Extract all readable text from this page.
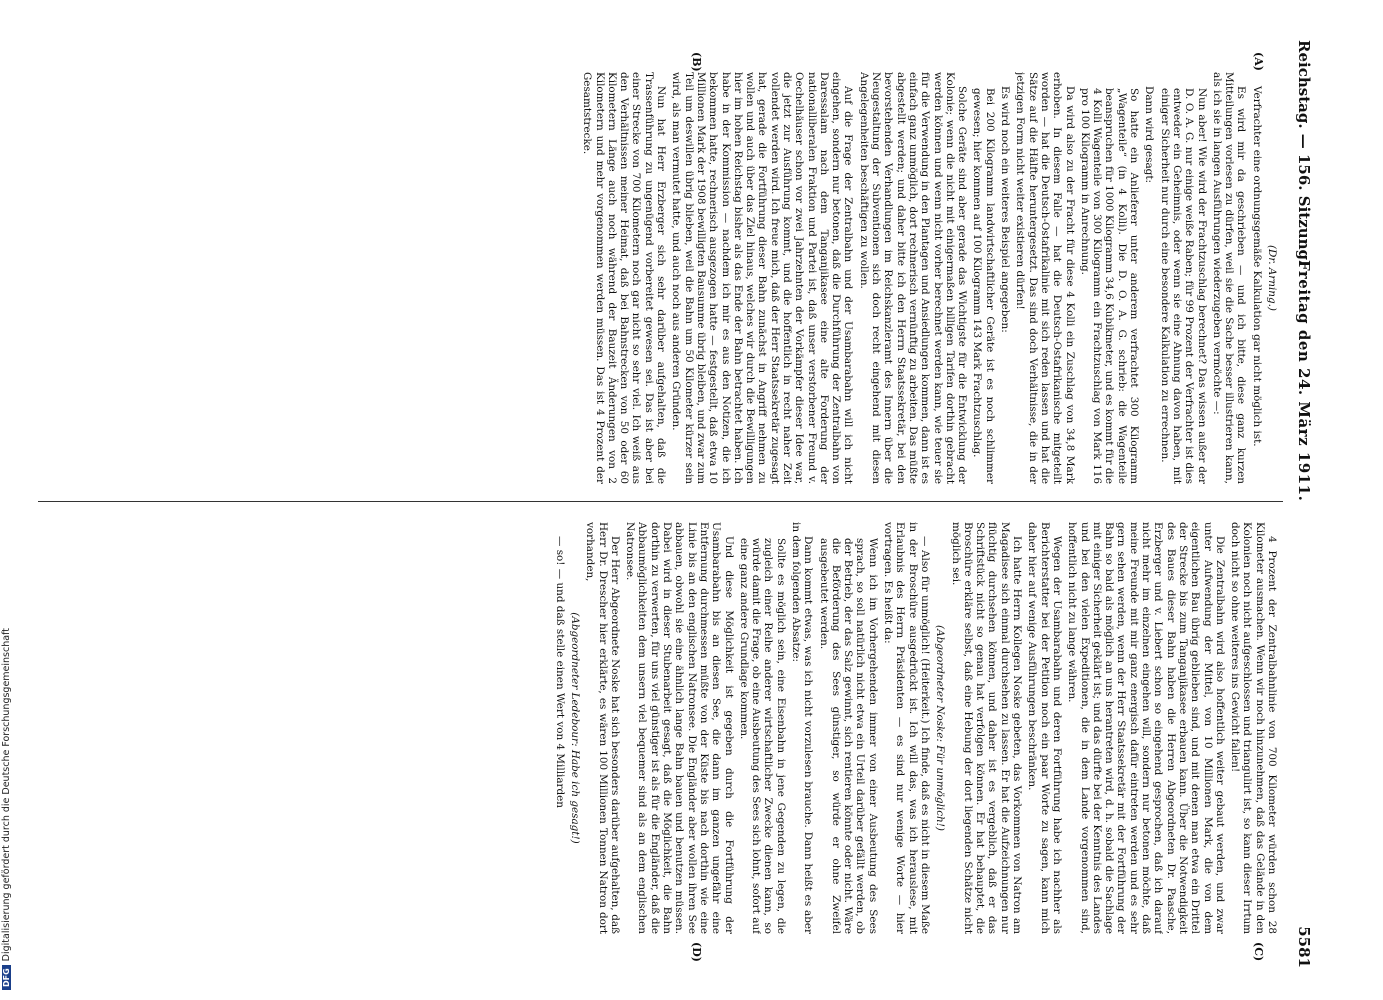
Reichstag. — 156. Sitzung.
Freitag den 24. März 1911.
5581
(A)
(B)
(C)
(D)

(Dr. Arning.)

Verfrachter eine ordnungsgemäße Kalkulation gar nicht möglich ist.

Es wird mir da geschrieben — und ich bitte, diese ganz kurzen Mitteilungen vorlesen zu dürfen, weil sie die Sache besser illustrieren kann, als ich sie in langen Ausführungen wiederzugeben vermöchte —:

Nun aber! Wie wird der Frachtzuschlag berechnet? Das wissen außer der D. O. A. G. nur einige weiße Raben; für 99 Prozent der Verfrachter ist dies entweder ein Geheimnis, oder wenn sie eine Ahnung davon haben, mit einiger Sicherheit nur durch eine besondere Kalkulation zu errechnen.

Dann wird gesagt:

So hatte ein Anlieferer unter anderem verfrachtet 300 Kilogramm „Wagenteile“ (in 4 Kolli). Die D. O. A. G. schrieb: die Wagenteile beanspruchen für 1000 Kilogramm 34,6 Kubikmeter, und es kommt für die 4 Kolli Wagenteile von 300 Kilogramm ein Frachtzuschlag von Mark 116 pro 100 Kilogramm in Anrechnung.

Da wird also zu der Fracht für diese 4 Kolli ein Zuschlag von 34,8 Mark erhoben. In diesem Falle — hat die Deutsch-Ostafrikanische mitgeteilt worden — hat die Deutsch-Ostafrikalinie mit sich reden lassen und hat die Sätze auf die Hälfte heruntergesetzt. Das sind doch Verhältnisse, die in der jetzigen Form nicht weiter existieren dürfen!

Es wird noch ein weiteres Beispiel angegeben:

Bei 200 Kilogramm landwirtschaftlicher Geräte ist es noch schlimmer gewesen; hier kommen auf 100 Kilogramm 143 Mark Frachtzuschlag.

Solche Geräte sind aber gerade das Wichtigste für die Entwicklung der Kolonie; wenn die nicht mit einigermaßen billigen Tarifen dorthin gebracht werden können und wenn nicht vorher berechnet werden kann, wie teuer sie für die Verwendung in den Plantagen und Ansiedlungen kommen, dann ist es einfach ganz unmöglich, dort rechnerisch vernünftig zu arbeiten. Das müßte abgestellt werden; und daher bitte ich den Herrn Staatssekretär, bei den bevorstehenden Verhandlungen im Reichskanzleramt des Innern über die Neugestaltung der Subventionen sich doch recht eingehend mit diesen Angelegenheiten beschäftigen zu wollen.

Auf die Frage der Zentralbahn und der Usambarabahn will ich nicht eingehen, sondern nur betonen, daß die Durchführung der Zentralbahn von Daressalam nach dem Tanganjikasee eine alte Forderung der nationalliberalen Fraktion und Partei ist, daß unser verstorbener Freund v. Oechelhäuser schon vor zwei Jahrzehnten der Vorkämpfer dieser Idee war, die jetzt zur Ausführung kommt, und die hoffentlich in recht naher Zeit vollendet werden wird. Ich freue mich, daß der Herr Staatssekretär zugesagt hat, gerade die Fortführung dieser Bahn zunächst in Angriff nehmen zu wollen und auch über das Ziel hinaus, welches wir durch die Bewilligungen hier im hohen Reichstag bisher als das Ende der Bahn betrachtet haben. Ich habe in der Kommission — nachdem ich mir es aus den Notizen, die ich bekommen hatte, rechnerisch ausgezogen hatte — festgestellt, daß etwa 10 Millionen Mark der 1908 bewilligten Bausumme übrig bleiben, und zwar zum Teil um deswillen übrig blieben, weil die Bahn um 50 Kilometer kürzer sein wird, als man vermutet hatte, und auch noch aus anderen Gründen.

Nun hat Herr Erzberger sich sehr darüber aufgehalten, daß die Trassenführung zu ungenügend vorbereitet gewesen sei. Das ist aber bei einer Strecke von 700 Kilometern noch gar nicht so sehr viel. Ich weiß aus den Verhältnissen meiner Heimat, daß bei Bahnstrecken von 50 oder 60 Kilometern Länge auch noch während der Bauzeit Änderungen von 2 Kilometern und mehr vorgenommen werden müssen. Das ist 4 Prozent der Gesamtstrecke.

4 Prozent der Zentralbahnlinie von 700 Kilometer würden schon 28 Kilometer ausmachen. Wenn wir noch hinzunehmen, daß das Gelände in den Kolonien noch nicht aufgeschlossen und triangulirt ist, so kann dieser Irrtum doch nicht so ohne weiteres ins Gewicht fallen!

Die Zentralbahn wird also hoffentlich weiter gebaut werden, und zwar unter Aufwendung der Mittel, von 10 Millionen Mark, die von dem eigentlichen Bau übrig geblieben sind, und mit denen man etwa ein Drittel der Strecke bis zum Tanganjikasee erbauen kann. Über die Notwendigkeit des Baues dieser Bahn haben die Herren Abgeordneten Dr. Paasche, Erzberger und v. Liebert schon so eingehend gesprochen, daß ich darauf nicht mehr im einzelnen eingehen will, sondern nur betonen möchte, daß meine Freunde mit mir ganz energisch dafür eintreten werden und es sehr gern sehen werden, wenn der Herr Staatssekretär mit der Fortführung der Bahn so bald als möglich an uns herantreten wird, d. h. sobald die Sachlage mit einiger Sicherheit geklärt ist; und das dürfte bei der Kenntnis des Landes und bei den vielen Expeditionen, die in dem Lande vorgenommen sind, hoffentlich nicht zu lange währen.

Wegen der Usambarabahn und deren Fortführung habe ich nachher als Berichterstatter bei der Petition noch ein paar Worte zu sagen, kann mich daher hier auf wenige Ausführungen beschränken.

Ich hatte Herrn Kollegen Noske gebeten, das Vorkommen von Natron am Magadisee sich einmal durchsehen zu lassen. Er hat die Aufzeichnungen nur flüchtig durchsehen können, und daher ist es vergeblich, daß er das Schriftstück nicht so genau hat verfolgen können. Er hat behauptet, die Broschüre erkläre selbst, daß eine Hebung der dort liegenden Schätze nicht möglich sei.

(Abgeordneter Noske: Für unmöglich!)

— Also für unmöglich! (Heiterkeit.) Ich finde, daß es nicht in diesem Maße in der Broschüre ausgedrückt ist. Ich will das, was ich herauslese, mit Erlaubnis des Herrn Präsidenten — es sind nur wenige Worte — hier vortragen. Es heißt da:

Wenn ich im Vorhergehenden immer von einer Ausbeutung des Sees sprach, so soll natürlich nicht etwa ein Urteil darüber gefällt werden, ob der Betrieb, der das Salz gewinnt, sich rentieren könnte oder nicht. Wäre die Beförderung des Sees günstiger, so würde er ohne Zweifel ausgebeutet werden.

Dann kommt etwas, was ich nicht vorzulesen brauche. Dann heißt es aber in dem folgenden Absatze:

Sollte es möglich sein, eine Eisenbahn in jene Gegenden zu legen, die zugleich einer Reihe anderer wirtschaftlicher Zwecke dienen kann, so würde damit die Frage, ob eine Ausbeutung des Sees sich lohnt, sofort auf eine ganz andere Grundlage kommen.

Und diese Möglichkeit ist gegeben durch die Fortführung der Usambarabahn bis an diesen See, die dann im ganzen ungefähr eine Entfernung durchmessen müßte von der Küste bis nach dorthin wie eine Linie bis an den englischen Natronsee. Die Engländer aber wollen ihren See abbauen, obwohl sie eine ähnlich lange Bahn bauen und benutzen müssen. Dabei wird in dieser Stubenarbeit gesagt, daß die Möglichkeit, die Bahn dorthin zu verwerten, für uns viel günstiger ist als für die Engländer, daß die Abbaumöglichkeiten dem unsern viel bequemer sind als an dem englischen Natronsee.

Der Herr Abgeordnete Noske hat sich besonders darüber aufgehalten, daß Herr Dr. Drescher hier erklärte, es wären 100 Millionen Tonnen Natron dort vorhanden,

(Abgeordneter Ledebour: Habe ich gesagt!)

— so! — und daß stelle einen Wert von 4 Milliarden

DFGDigitalisierung gefördert durch die Deutsche Forschungsgemeinschaft
